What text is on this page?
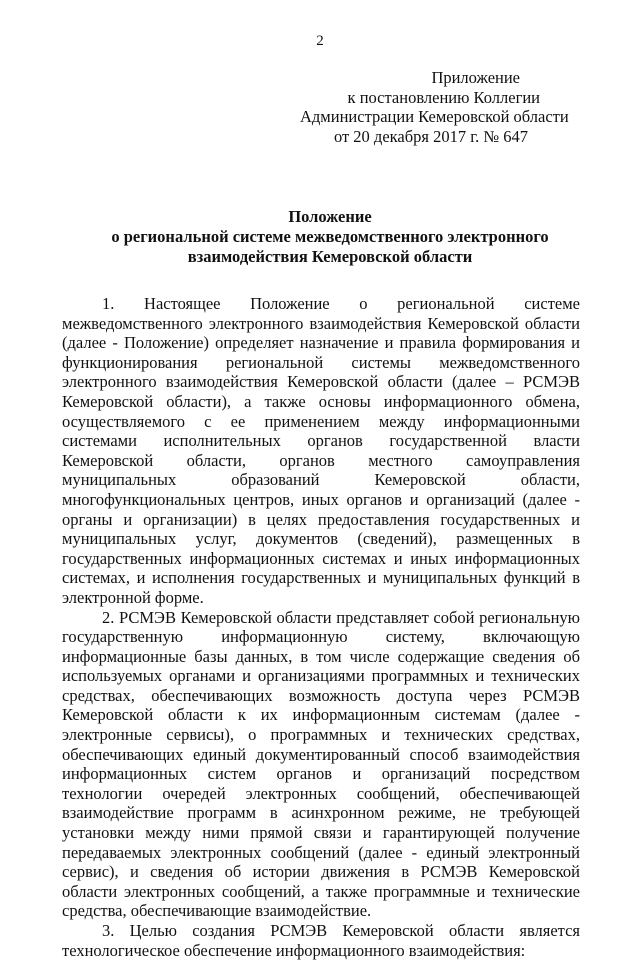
2
Приложение
к постановлению Коллегии
Администрации Кемеровской области
от 20 декабря 2017 г. № 647
Положение
о региональной системе межведомственного электронного
взаимодействия Кемеровской области

1. Настоящее Положение о региональной системе межведомственного электронного взаимодействия Кемеровской области (далее - Положение) определяет назначение и правила формирования и функционирования региональной системы межведомственного электронного взаимодействия Кемеровской области (далее – РСМЭВ Кемеровской области), а также основы информационного обмена, осуществляемого с ее применением между информационными системами исполнительных органов государственной власти Кемеровской области, органов местного самоуправления муниципальных образований Кемеровской области, многофункциональных центров, иных органов и организаций (далее - органы и организации) в целях предоставления государственных и муниципальных услуг, документов (сведений), размещенных в государственных информационных системах и иных информационных системах, и исполнения государственных и муниципальных функций в электронной форме.

2. РСМЭВ Кемеровской области представляет собой региональную государственную информационную систему, включающую информационные базы данных, в том числе содержащие сведения об используемых органами и организациями программных и технических средствах, обеспечивающих возможность доступа через РСМЭВ Кемеровской области к их информационным системам (далее - электронные сервисы), о программных и технических средствах, обеспечивающих единый документированный способ взаимодействия информационных систем органов и организаций посредством технологии очередей электронных сообщений, обеспечивающей взаимодействие программ в асинхронном режиме, не требующей установки между ними прямой связи и гарантирующей получение передаваемых электронных сообщений (далее - единый электронный сервис), и сведения об истории движения в РСМЭВ Кемеровской области электронных сообщений, а также программные и технические средства, обеспечивающие взаимодействие.

3. Целью создания РСМЭВ Кемеровской области является технологическое обеспечение информационного взаимодействия:
